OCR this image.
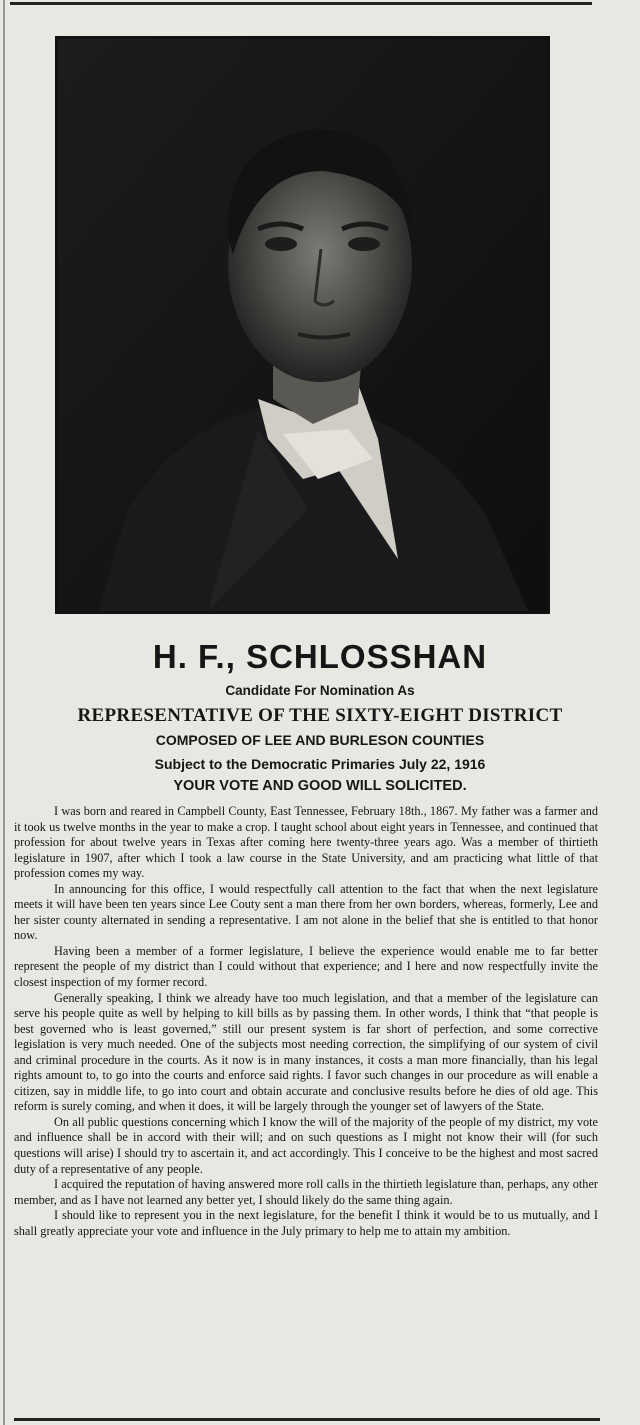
H. F., SCHLOSSHAN

Candidate For Nomination As

REPRESENTATIVE OF THE SIXTY-EIGHT DISTRICT

COMPOSED OF LEE AND BURLESON COUNTIES

Subject to the Democratic Primaries July 22, 1916

YOUR VOTE AND GOOD WILL SOLICITED.

I was born and reared in Campbell County, East Tennessee, February 18th., 1867. My father was a farmer and it took us twelve months in the year to make a crop. I taught school about eight years in Tennessee, and continued that profession for about twelve years in Texas after coming here twenty-three years ago. Was a member of thirtieth legislature in 1907, after which I took a law course in the State University, and am practicing what little of that profession comes my way.

In announcing for this office, I would respectfully call attention to the fact that when the next legislature meets it will have been ten years since Lee Couty sent a man there from her own borders, whereas, formerly, Lee and her sister county alternated in sending a representative. I am not alone in the belief that she is entitled to that honor now.

Having been a member of a former legislature, I believe the experience would enable me to far better represent the people of my district than I could without that experience; and I here and now respectfully invite the closest inspection of my former record.

Generally speaking, I think we already have too much legislation, and that a member of the legislature can serve his people quite as well by helping to kill bills as by passing them. In other words, I think that “that people is best governed who is least governed,” still our present system is far short of perfection, and some corrective legislation is very much needed. One of the subjects most needing correction, the simplifying of our system of civil and criminal procedure in the courts. As it now is in many instances, it costs a man more financially, than his legal rights amount to, to go into the courts and enforce said rights. I favor such changes in our procedure as will enable a citizen, say in middle life, to go into court and obtain accurate and conclusive results before he dies of old age. This reform is surely coming, and when it does, it will be largely through the younger set of lawyers of the State.

On all public questions concerning which I know the will of the majority of the people of my district, my vote and influence shall be in accord with their will; and on such questions as I might not know their will (for such questions will arise) I should try to ascertain it, and act accordingly. This I conceive to be the highest and most sacred duty of a representative of any people.

I acquired the reputation of having answered more roll calls in the thirtieth legislature than, perhaps, any other member, and as I have not learned any better yet, I should likely do the same thing again.

I should like to represent you in the next legislature, for the benefit I think it would be to us mutually, and I shall greatly appreciate your vote and influence in the July primary to help me to attain my ambition.
